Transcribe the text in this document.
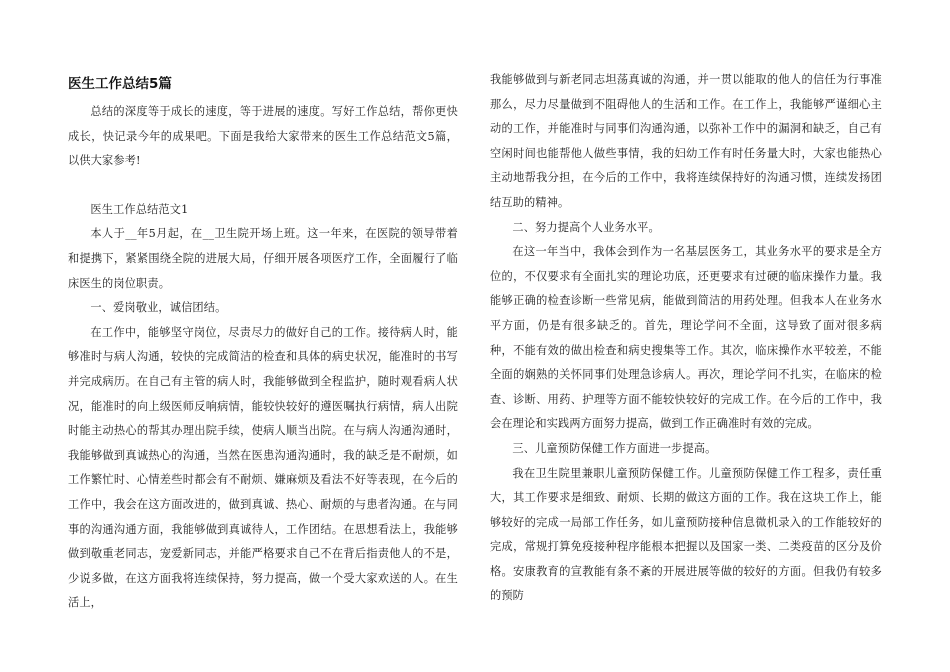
医生工作总结5篇

总结的深度等于成长的速度，等于进展的速度。写好工作总结，帮你更快成长，快记录今年的成果吧。下面是我给大家带来的医生工作总结范文5篇，以供大家参考!

医生工作总结范文1

本人于__年5月起，在__卫生院开场上班。这一年来，在医院的领导带着和提携下，紧紧围绕全院的进展大局，仔细开展各项医疗工作，全面履行了临床医生的岗位职责。

一、爱岗敬业，诚信团结。

在工作中，能够坚守岗位，尽责尽力的做好自己的工作。接待病人时，能够准时与病人沟通，较快的完成简洁的检查和具体的病史状况，能准时的书写并完成病历。在自己有主管的病人时，我能够做到全程监护，随时观看病人状况，能准时的向上级医师反响病情，能较快较好的遵医嘱执行病情，病人出院时能主动热心的帮其办理出院手续，使病人顺当出院。在与病人沟通沟通时，我能够做到真诚热心的沟通，当然在医患沟通沟通时，我的缺乏是不耐烦，如工作繁忙时、心情差些时都会有不耐烦、嫌麻烦及看法不好等表现，在今后的工作中，我会在这方面改进的，做到真诚、热心、耐烦的与患者沟通。在与同事的沟通沟通方面，我能够做到真诚待人，工作团结。在思想看法上，我能够做到敬重老同志，宠爱新同志，并能严格要求自己不在背后指责他人的不是，少说多做，在这方面我将连续保持，努力提高，做一个受大家欢送的人。在生活上，

我能够做到与新老同志坦荡真诚的沟通，并一贯以能取的他人的信任为行事准那么，尽力尽量做到不阻碍他人的生活和工作。在工作上，我能够严谨细心主动的工作，并能准时与同事们沟通沟通，以弥补工作中的漏洞和缺乏，自己有空闲时间也能帮他人做些事情，我的妇幼工作有时任务量大时，大家也能热心主动地帮我分担，在今后的工作中，我将连续保持好的沟通习惯，连续发扬团结互助的精神。

二、努力提高个人业务水平。

在这一年当中，我体会到作为一名基层医务工，其业务水平的要求是全方位的，不仅要求有全面扎实的理论功底，还更要求有过硬的临床操作力量。我能够正确的检查诊断一些常见病，能做到简洁的用药处理。但我本人在业务水平方面，仍是有很多缺乏的。首先，理论学问不全面，这导致了面对很多病种，不能有效的做出检查和病史搜集等工作。其次，临床操作水平较差，不能全面的娴熟的关怀同事们处理急诊病人。再次，理论学问不扎实，在临床的检查、诊断、用药、护理等方面不能较快较好的完成工作。在今后的工作中，我会在理论和实践两方面努力提高，做到工作正确准时有效的完成。

三、儿童预防保健工作方面进一步提高。

我在卫生院里兼职儿童预防保健工作。儿童预防保健工作工程多，责任重大，其工作要求是细致、耐烦、长期的做这方面的工作。我在这块工作上，能够较好的完成一局部工作任务，如儿童预防接种信息微机录入的工作能较好的完成，常规打算免疫接种程序能根本把握以及国家一类、二类疫苗的区分及价格。安康教育的宣教能有条不紊的开展进展等做的较好的方面。但我仍有较多的预防
